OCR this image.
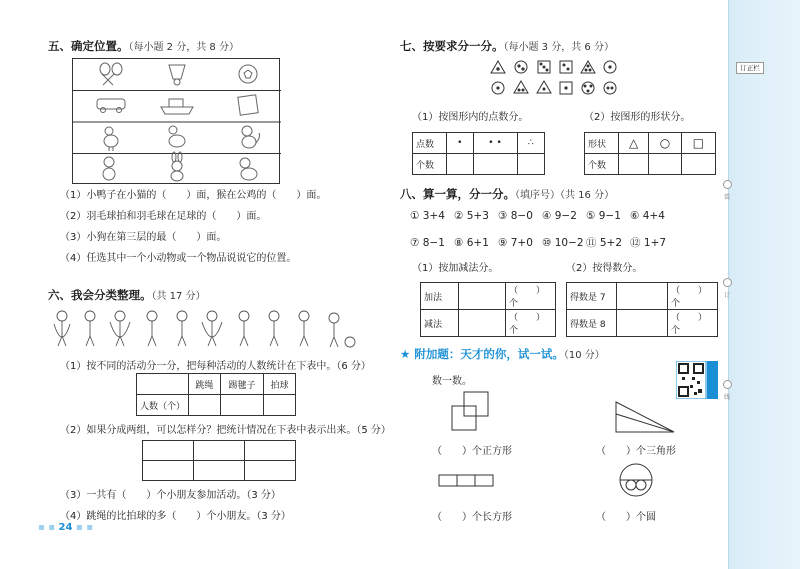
五、确定位置。（每小题 2 分，共 8 分）
（1）小鸭子在小猫的（　　）面，猴在公鸡的（　　）面。
（2）羽毛球拍和羽毛球在足球的（　　）面。
（3）小狗在第三层的最（　　）面。
（4）任选其中一个小动物或一个物品说说它的位置。
六、我会分类整理。（共 17 分）
（1）按不同的活动分一分，把每种活动的人数统计在下表中。（6 分）
	跳绳	踢毽子	拍球
人数（个）			
（2）如果分成两组，可以怎样分？把统计情况在下表中表示出来。（5 分）

（3）一共有（　　）个小朋友参加活动。（3 分）
（4）跳绳的比拍球的多（　　）个小朋友。（3 分）
▪ ▪ 24 ▪ ▪
七、按要求分一分。（每小题 3 分，共 6 分）
（1）按图形内的点数分。	（2）按图形的形状分。
点数	•	• •	∴
个数			
形状	△	○	□
个数			
八、算一算，分一分。（填序号）（共 16 分）
① 3+4 ② 5+3 ③ 8−0 ④ 9−2 ⑤ 9−1 ⑥ 4+4
⑦ 8−1 ⑧ 6+1 ⑨ 7+0 ⑩ 10−2 ⑪ 5+2 ⑫ 1+7
（1）按加减法分。	（2）按得数分。
加法		（　　）个
减法		（　　）个
得数是 7		（　　）个
得数是 8		（　　）个
★ 附加题：天才的你，试一试。（10 分）
数一数。
（　　）个正方形	（　　）个三角形
（　　）个长方形	（　　）个圆
订正栏
装
订
线
